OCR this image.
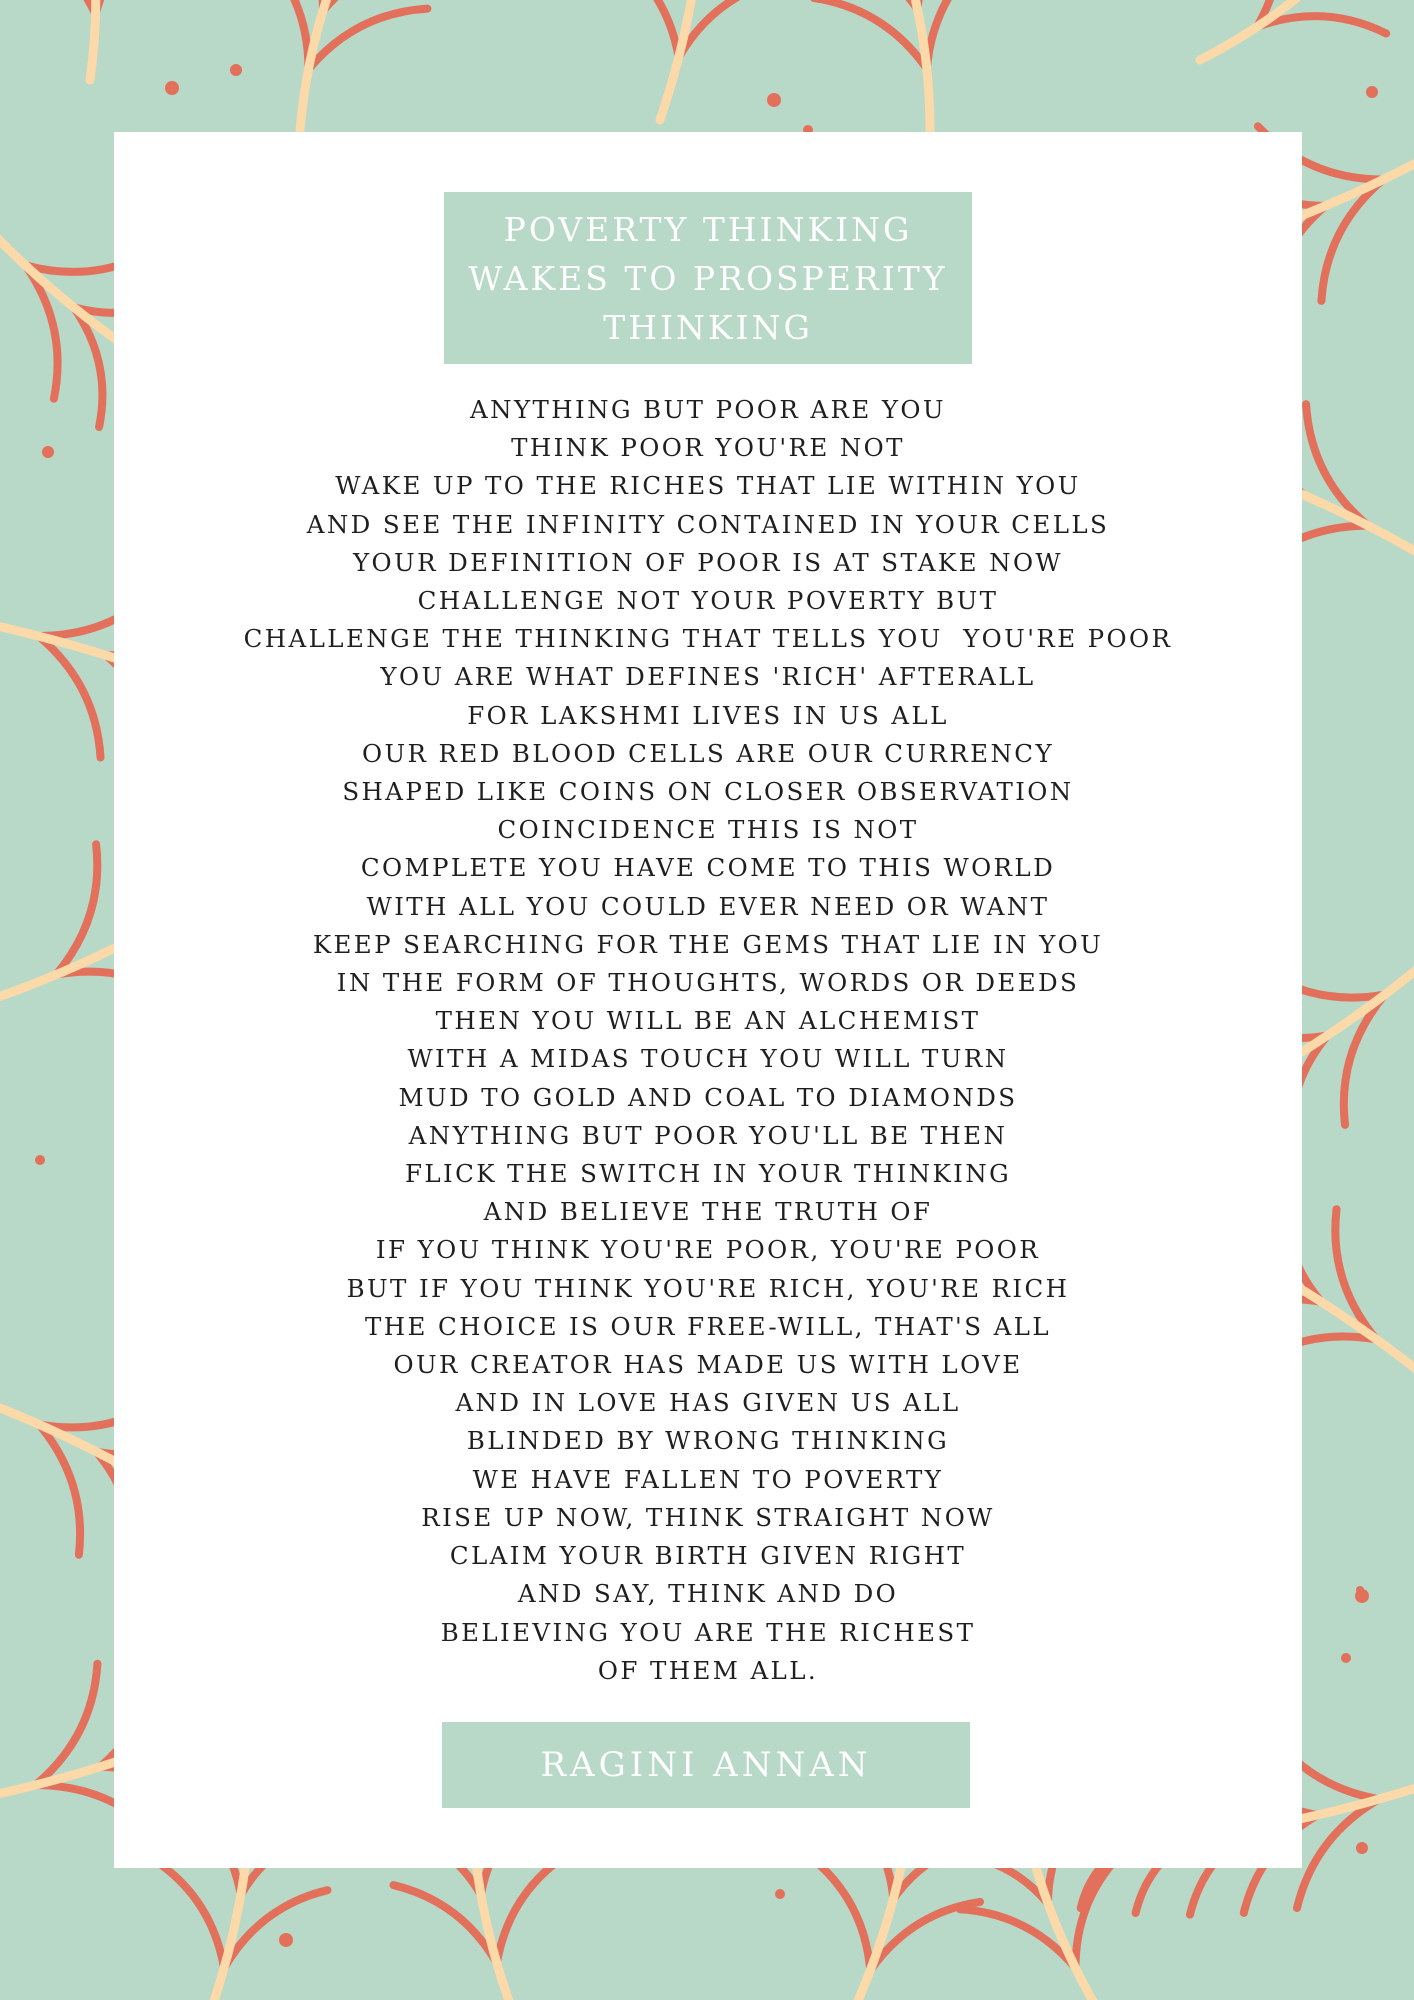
POVERTY THINKING
WAKES TO PROSPERITY
THINKING
ANYTHING BUT POOR ARE YOU
THINK POOR YOU'RE NOT
WAKE UP TO THE RICHES THAT LIE WITHIN YOU
AND SEE THE INFINITY CONTAINED IN YOUR CELLS
YOUR DEFINITION OF POOR IS AT STAKE NOW
CHALLENGE NOT YOUR POVERTY BUT
CHALLENGE THE THINKING THAT TELLS YOU  YOU'RE POOR
YOU ARE WHAT DEFINES 'RICH' AFTERALL
FOR LAKSHMI LIVES IN US ALL
OUR RED BLOOD CELLS ARE OUR CURRENCY
SHAPED LIKE COINS ON CLOSER OBSERVATION
COINCIDENCE THIS IS NOT
COMPLETE YOU HAVE COME TO THIS WORLD
WITH ALL YOU COULD EVER NEED OR WANT
KEEP SEARCHING FOR THE GEMS THAT LIE IN YOU
IN THE FORM OF THOUGHTS, WORDS OR DEEDS
THEN YOU WILL BE AN ALCHEMIST
WITH A MIDAS TOUCH YOU WILL TURN
MUD TO GOLD AND COAL TO DIAMONDS
ANYTHING BUT POOR YOU'LL BE THEN
FLICK THE SWITCH IN YOUR THINKING
AND BELIEVE THE TRUTH OF
IF YOU THINK YOU'RE POOR, YOU'RE POOR
BUT IF YOU THINK YOU'RE RICH, YOU'RE RICH
THE CHOICE IS OUR FREE-WILL, THAT'S ALL
OUR CREATOR HAS MADE US WITH LOVE
AND IN LOVE HAS GIVEN US ALL
BLINDED BY WRONG THINKING
WE HAVE FALLEN TO POVERTY
RISE UP NOW, THINK STRAIGHT NOW
CLAIM YOUR BIRTH GIVEN RIGHT
AND SAY, THINK AND DO
BELIEVING YOU ARE THE RICHEST
OF THEM ALL.
RAGINI ANNAN
